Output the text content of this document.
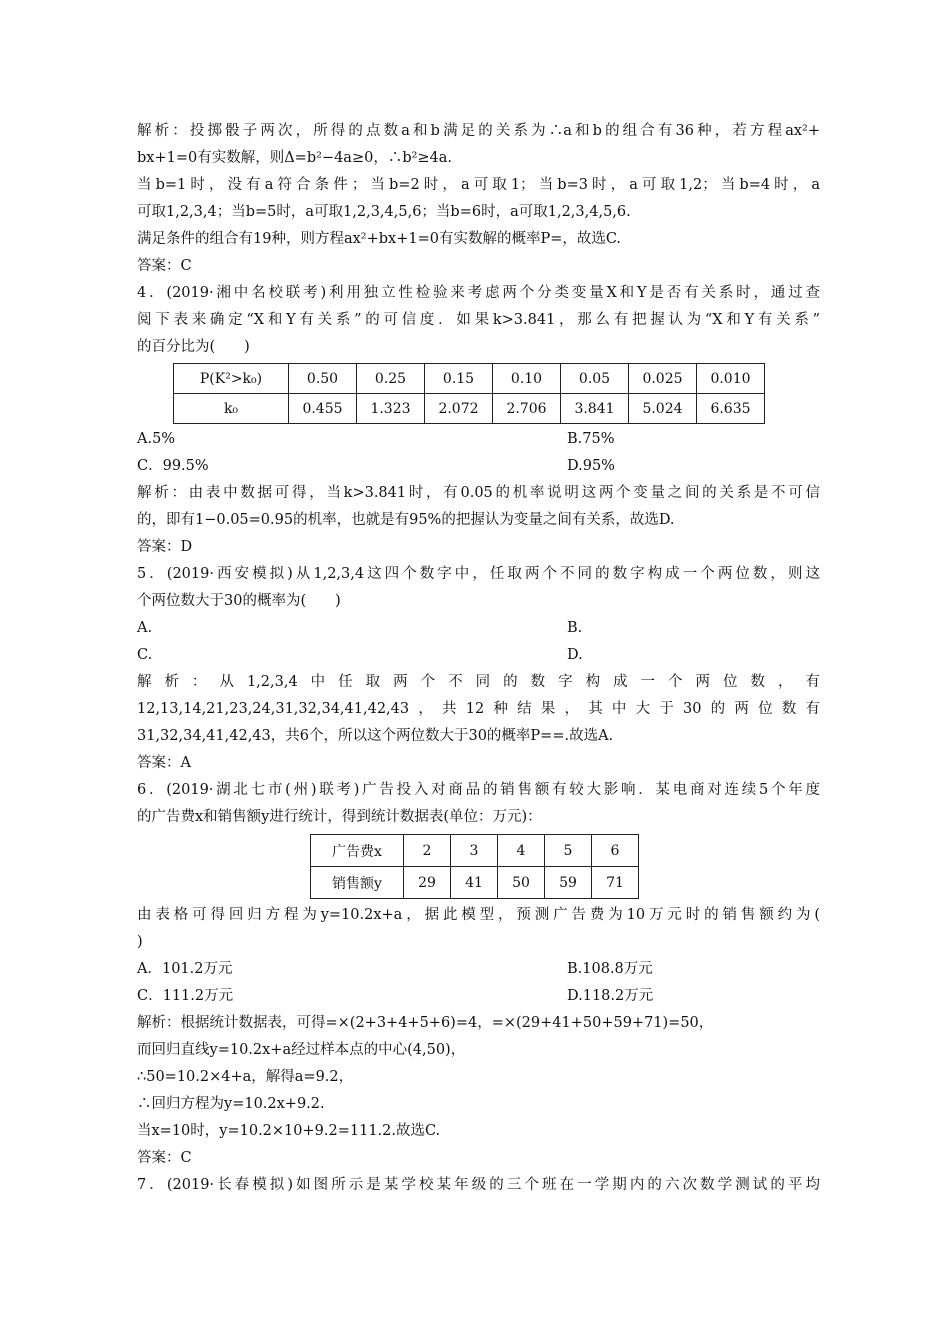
解析：投掷骰子两次，所得的点数a和b满足的关系为∴a和b的组合有36种，若方程ax²+
bx+1=0有实数解，则Δ=b²−4a≥0，∴b²≥4a.
当b=1时，没有a符合条件；当b=2时，a可取1；当b=3时，a可取1,2；当b=4时，a
可取1,2,3,4；当b=5时，a可取1,2,3,4,5,6；当b=6时，a可取1,2,3,4,5,6.
满足条件的组合有19种，则方程ax²+bx+1=0有实数解的概率P=，故选C.
答案：C
4．(2019·湘中名校联考)利用独立性检验来考虑两个分类变量X和Y是否有关系时，通过查
阅下表来确定“X和Y有关系”的可信度．如果k>3.841，那么有把握认为“X和Y有关系”
的百分比为(　　)
P(K²>k₀)	0.50	0.25	0.15	0.10	0.05	0.025	0.010
k₀	0.455	1.323	2.072	2.706	3.841	5.024	6.635
A.5%	B.75%
C．99.5%	D.95%
解析：由表中数据可得，当k>3.841时，有0.05的机率说明这两个变量之间的关系是不可信
的，即有1−0.05=0.95的机率，也就是有95%的把握认为变量之间有关系，故选D.
答案：D
5．(2019·西安模拟)从1,2,3,4这四个数字中，任取两个不同的数字构成一个两位数，则这
个两位数大于30的概率为(　　)
A.	B.
C.	D.
解析：从1,2,3,4中任取两个不同的数字构成一个两位数，有
12,13,14,21,23,24,31,32,34,41,42,43，共12种结果，其中大于30的两位数有
31,32,34,41,42,43，共6个，所以这个两位数大于30的概率P==.故选A.
答案：A
6．(2019·湖北七市(州)联考)广告投入对商品的销售额有较大影响．某电商对连续5个年度
的广告费x和销售额y进行统计，得到统计数据表(单位：万元)：
广告费x	2	3	4	5	6
销售额y	29	41	50	59	71
由表格可得回归方程为y=10.2x+a，据此模型，预测广告费为10万元时的销售额约为(
)
A．101.2万元	B.108.8万元
C．111.2万元	D.118.2万元
解析：根据统计数据表，可得=×(2+3+4+5+6)=4，=×(29+41+50+59+71)=50，
而回归直线y=10.2x+a经过样本点的中心(4,50)，
∴50=10.2×4+a，解得a=9.2，
∴回归方程为y=10.2x+9.2.
当x=10时，y=10.2×10+9.2=111.2.故选C.
答案：C
7．(2019·长春模拟)如图所示是某学校某年级的三个班在一学期内的六次数学测试的平均
